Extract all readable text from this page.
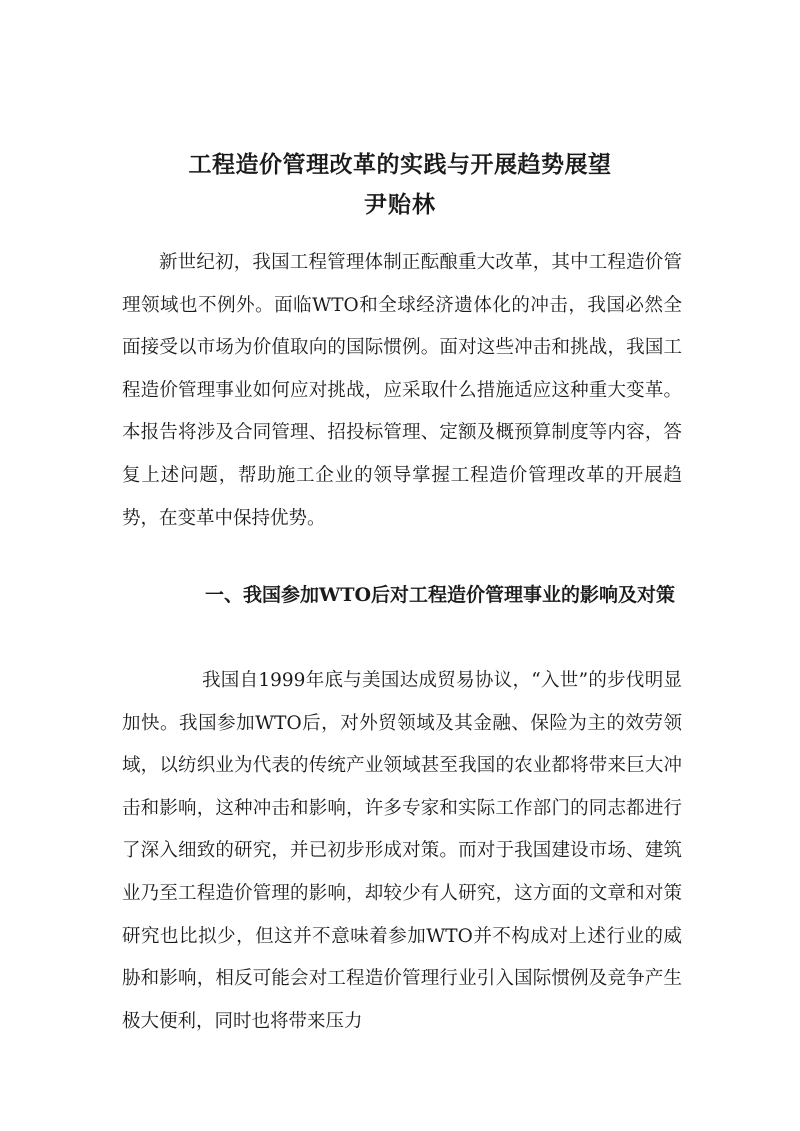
工程造价管理改革的实践与开展趋势展望
尹贻林

新世纪初，我国工程管理体制正酝酿重大改革，其中工程造价管理领域也不例外。面临WTO和全球经济遗体化的冲击，我国必然全面接受以市场为价值取向的国际惯例。面对这些冲击和挑战，我国工程造价管理事业如何应对挑战，应采取什么措施适应这种重大变革。本报告将涉及合同管理、招投标管理、定额及概预算制度等内容，答复上述问题，帮助施工企业的领导掌握工程造价管理改革的开展趋势，在变革中保持优势。

一、我国参加WTO后对工程造价管理事业的影响及对策

我国自1999年底与美国达成贸易协议，“入世”的步伐明显加快。我国参加WTO后，对外贸领域及其金融、保险为主的效劳领域，以纺织业为代表的传统产业领域甚至我国的农业都将带来巨大冲击和影响，这种冲击和影响，许多专家和实际工作部门的同志都进行了深入细致的研究，并已初步形成对策。而对于我国建设市场、建筑业乃至工程造价管理的影响，却较少有人研究，这方面的文章和对策研究也比拟少，但这并不意味着参加WTO并不构成对上述行业的威胁和影响，相反可能会对工程造价管理行业引入国际惯例及竞争产生极大便利，同时也将带来压力
